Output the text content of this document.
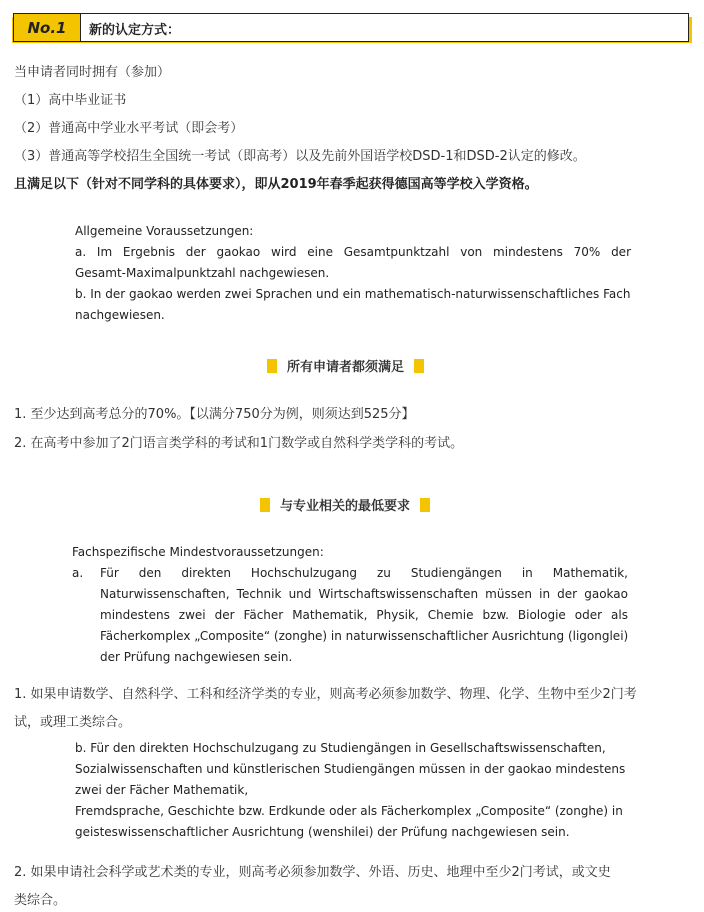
No.1	新的认定方式：
当申请者同时拥有（参加）
（1）高中毕业证书
（2）普通高中学业水平考试（即会考）
（3）普通高等学校招生全国统一考试（即高考）以及先前外国语学校DSD-1和DSD-2认定的修改。
且满足以下（针对不同学科的具体要求），即从2019年春季起获得德国高等学校入学资格。
Allgemeine Voraussetzungen:
a. Im Ergebnis der gaokao wird eine Gesamtpunktzahl von mindestens 70% der
Gesamt-Maximalpunktzahl nachgewiesen.
b. In der gaokao werden zwei Sprachen und ein mathematisch-naturwissenschaftliches Fach
nachgewiesen.
所有申请者都须满足
1. 至少达到高考总分的70%。【以满分750分为例，则须达到525分】
2. 在高考中参加了2门语言类学科的考试和1门数学或自然科学类学科的考试。
与专业相关的最低要求
Fachspezifische Mindestvoraussetzungen:
a. Für den direkten Hochschulzugang zu Studiengängen in Mathematik,
Naturwissenschaften, Technik und Wirtschaftswissenschaften müssen in der gaokao
mindestens zwei der Fächer Mathematik, Physik, Chemie bzw. Biologie oder als
Fächerkomplex „Composite“ (zonghe) in naturwissenschaftlicher Ausrichtung (ligonglei)
der Prüfung nachgewiesen sein.
1. 如果申请数学、自然科学、工科和经济学类的专业，则高考必须参加数学、物理、化学、生物中至少2门考
试，或理工类综合。
b. Für den direkten Hochschulzugang zu Studiengängen in Gesellschaftswissenschaften,
Sozialwissenschaften und künstlerischen Studiengängen müssen in der gaokao mindestens
zwei der Fächer Mathematik,
Fremdsprache, Geschichte bzw. Erdkunde oder als Fächerkomplex „Composite“ (zonghe) in
geisteswissenschaftlicher Ausrichtung (wenshilei) der Prüfung nachgewiesen sein.
2. 如果申请社会科学或艺术类的专业，则高考必须参加数学、外语、历史、地理中至少2门考试，或文史
类综合。
